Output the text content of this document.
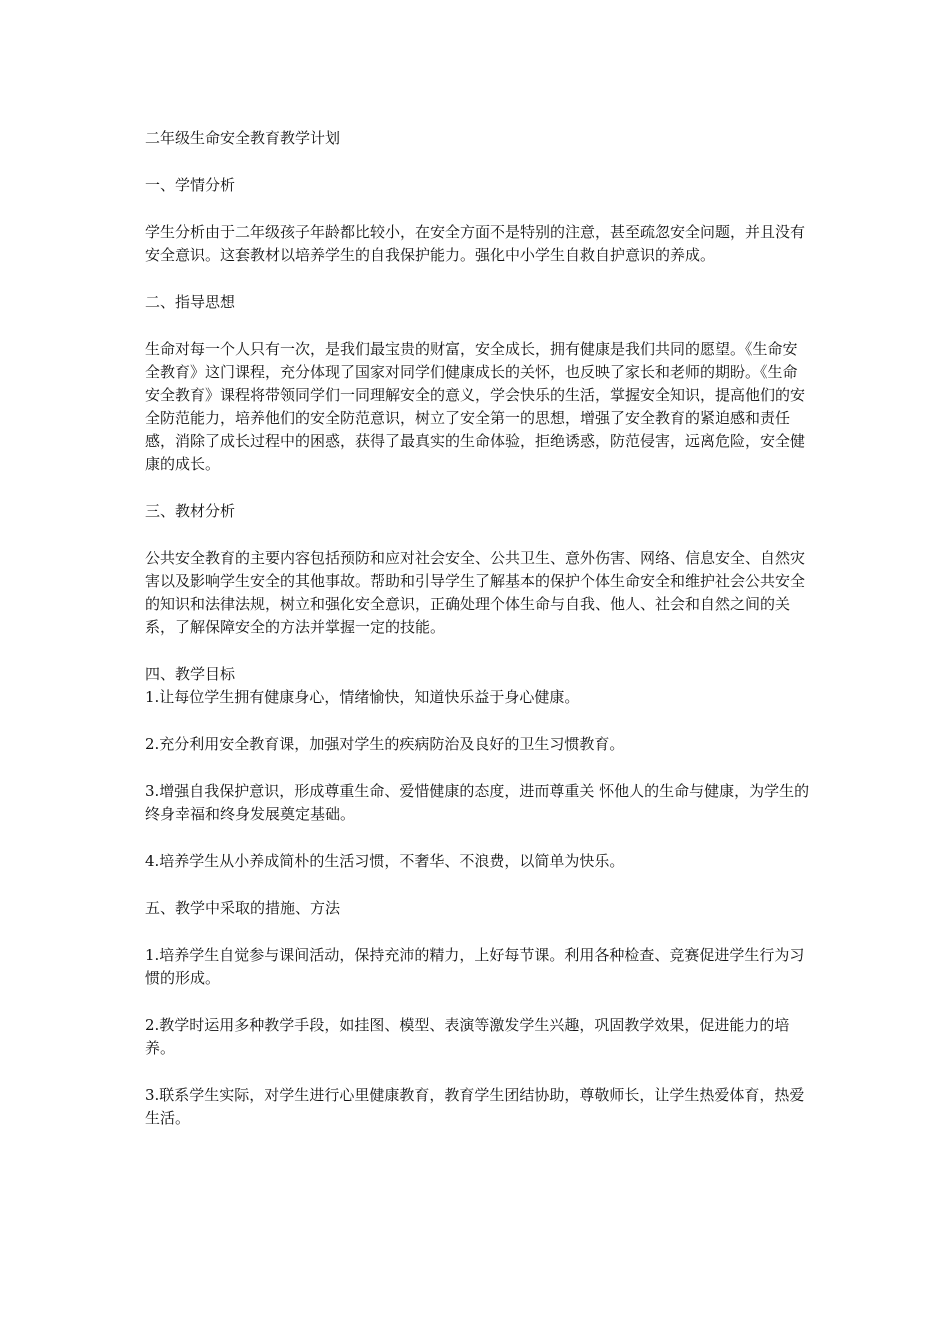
二年级生命安全教育教学计划

一、学情分析

学生分析由于二年级孩子年龄都比较小，在安全方面不是特别的注意，甚至疏忽安全问题，并且没有安全意识。这套教材以培养学生的自我保护能力。强化中小学生自救自护意识的养成。

二、指导思想

生命对每一个人只有一次，是我们最宝贵的财富，安全成长，拥有健康是我们共同的愿望。《生命安全教育》这门课程，充分体现了国家对同学们健康成长的关怀，也反映了家长和老师的期盼。《生命安全教育》课程将带领同学们一同理解安全的意义，学会快乐的生活，掌握安全知识，提高他们的安全防范能力，培养他们的安全防范意识，树立了安全第一的思想，增强了安全教育的紧迫感和责任感，消除了成长过程中的困惑，获得了最真实的生命体验，拒绝诱惑，防范侵害，远离危险，安全健康的成长。

三、教材分析

公共安全教育的主要内容包括预防和应对社会安全、公共卫生、意外伤害、网络、信息安全、自然灾害以及影响学生安全的其他事故。帮助和引导学生了解基本的保护个体生命安全和维护社会公共安全的知识和法律法规，树立和强化安全意识，正确处理个体生命与自我、他人、社会和自然之间的关系，了解保障安全的方法并掌握一定的技能。

四、教学目标

1.让每位学生拥有健康身心，情绪愉快，知道快乐益于身心健康。

2.充分利用安全教育课，加强对学生的疾病防治及良好的卫生习惯教育。

3.增强自我保护意识，形成尊重生命、爱惜健康的态度，进而尊重关 怀他人的生命与健康，为学生的终身幸福和终身发展奠定基础。

4.培养学生从小养成简朴的生活习惯，不奢华、不浪费，以简单为快乐。

五、教学中采取的措施、方法

1.培养学生自觉参与课间活动，保持充沛的精力，上好每节课。利用各种检查、竞赛促进学生行为习惯的形成。

2.教学时运用多种教学手段，如挂图、模型、表演等激发学生兴趣，巩固教学效果，促进能力的培养。

3.联系学生实际，对学生进行心里健康教育，教育学生团结协助，尊敬师长，让学生热爱体育，热爱生活。
